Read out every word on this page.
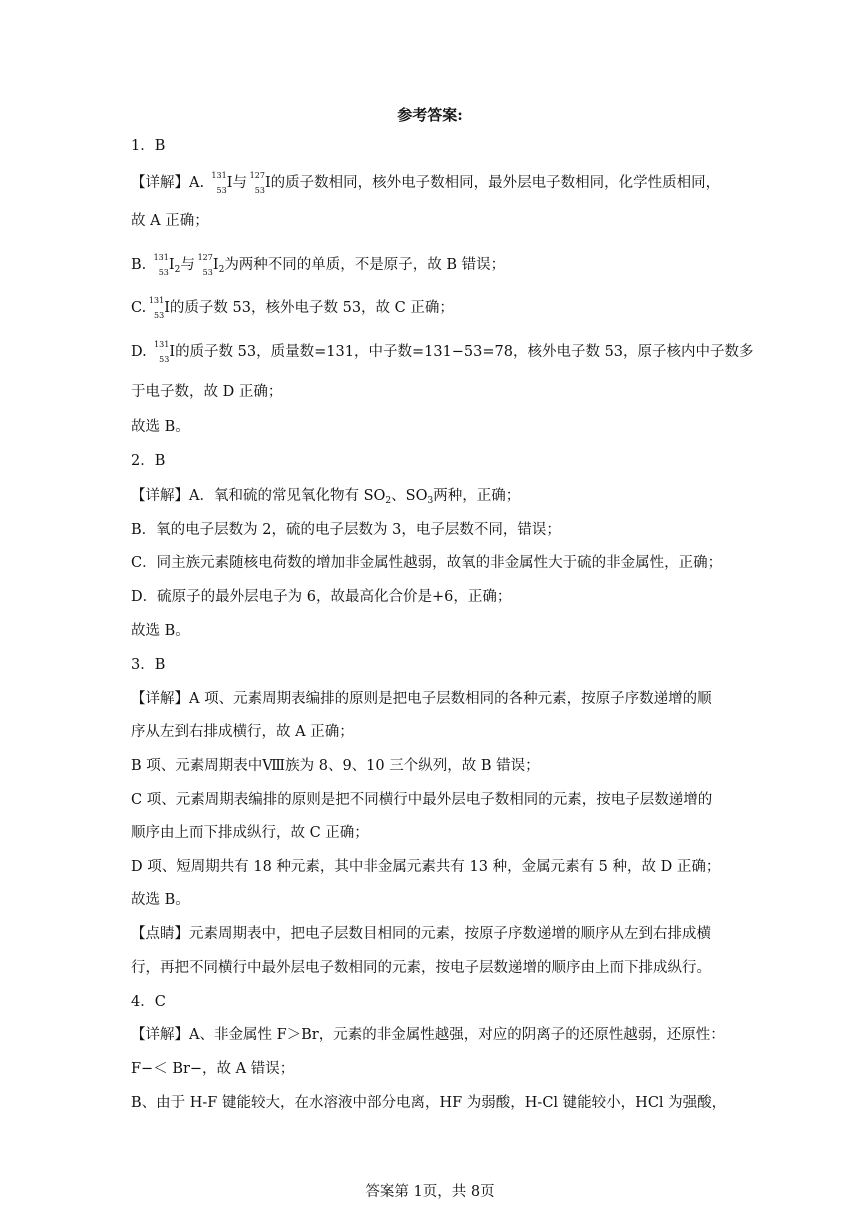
参考答案:
1．B
【详解】A. 131
53 I与 127
53 I的质子数相同，核外电子数相同，最外层电子数相同，化学性质相同，
故 A 正确；
B. 131
53 $I_2$与 127
53 $I_2$为两种不同的单质，不是原子，故 B 错误；
C. 131
53 I的质子数 53，核外电子数 53，故 C 正确；
D. 131
53 I的质子数 53，质量数=131，中子数=131−53=78，核外电子数 53，原子核内中子数多
于电子数，故 D 正确；
故选 B。
2．B
【详解】A．氧和硫的常见氧化物有 $SO_2$、$SO_3$两种，正确；
B．氧的电子层数为 2，硫的电子层数为 3，电子层数不同，错误；
C．同主族元素随核电荷数的增加非金属性越弱，故氧的非金属性大于硫的非金属性，正确；
D．硫原子的最外层电子为 6，故最高化合价是+6，正确；
故选 B。
3．B
【详解】A 项、元素周期表编排的原则是把电子层数相同的各种元素，按原子序数递增的顺
序从左到右排成横行，故 A 正确；
B 项、元素周期表中Ⅷ族为 8、9、10 三个纵列，故 B 错误；
C 项、元素周期表编排的原则是把不同横行中最外层电子数相同的元素，按电子层数递增的
顺序由上而下排成纵行，故 C 正确；
D 项、短周期共有 18 种元素，其中非金属元素共有 13 种，金属元素有 5 种，故 D 正确；
故选 B。
【点睛】元素周期表中，把电子层数目相同的元素，按原子序数递增的顺序从左到右排成横
行，再把不同横行中最外层电子数相同的元素，按电子层数递增的顺序由上而下排成纵行。
4．C
【详解】A、非金属性 F＞Br，元素的非金属性越强，对应的阴离子的还原性越弱，还原性：
F−＜ Br−，故 A 错误；
B、由于 H-F 键能较大，在水溶液中部分电离，HF 为弱酸，H-Cl 键能较小，HCl 为强酸，
答案第 1页，共 8页
